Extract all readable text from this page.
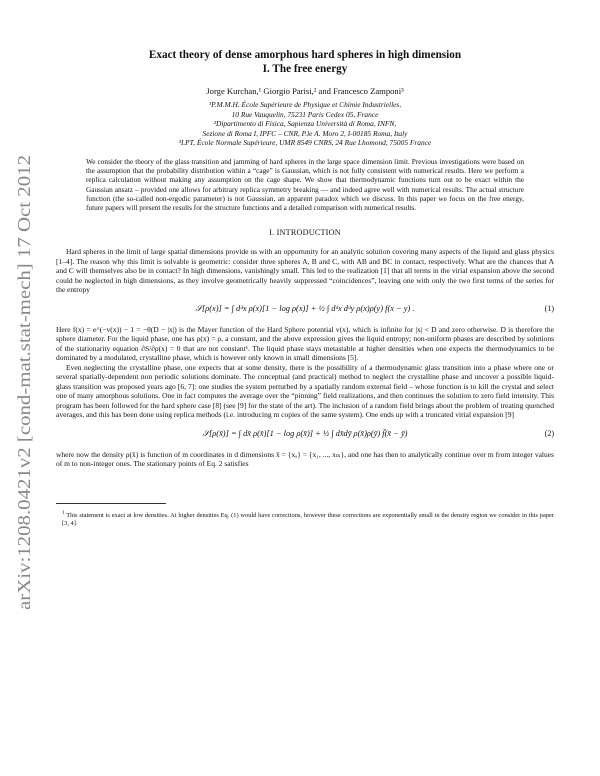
arXiv:1208.0421v2 [cond-mat.stat-mech] 17 Oct 2012
Exact theory of dense amorphous hard spheres in high dimension
I. The free energy
Jorge Kurchan,¹ Giorgio Parisi,² and Francesco Zamponi³
¹P.M.M.H. École Supérieure de Physique et Chimie Industrielles,
10 Rue Vauquelin, 75231 Paris Cedex 05, France
²Dipartimento di Fisica, Sapienza Università di Roma, INFN,
Sezione di Roma I, IPFC – CNR, P.le A. Moro 2, I-00185 Roma, Italy
³LPT, École Normale Supérieure, UMR 8549 CNRS, 24 Rue Lhomond, 75005 France

We consider the theory of the glass transition and jamming of hard spheres in the large space dimension limit. Previous investigations were based on the assumption that the probability distribution within a “cage” is Gaussian, which is not fully consistent with numerical results. Here we perform a replica calculation without making any assumption on the cage shape. We show that thermodynamic functions turn out to be exact within the Gaussian ansatz – provided one allows for arbitrary replica symmetry breaking — and indeed agree well with numerical results. The actual structure function (the so-called non-ergodic parameter) is not Gaussian, an apparent paradox which we discuss. In this paper we focus on the free energy, future papers will present the results for the structure functions and a detailed comparison with numerical results.

I. INTRODUCTION

Hard spheres in the limit of large spatial dimensions provide us with an opportunity for an analytic solution covering many aspects of the liquid and glass physics [1–4]. The reason why this limit is solvable is geometric: consider three spheres A, B and C, with AB and BC in contact, respectively. What are the chances that A and C will themselves also be in contact? In high dimensions, vanishingly small. This led to the realization [1] that all terms in the virial expansion above the second could be neglected in high dimensions, as they involve geometrically heavily suppressed “coincidences”, leaving one with only the two first terms of the series for the entropy

𝒮[ρ(x)] = ∫ dᵈx ρ(x)[1 − log ρ(x)] + ½ ∫ dᵈx dᵈy ρ(x)ρ(y) f(x − y) .	(1)

Here f(x) = e^(−v(x)) − 1 = −θ(D − |x|) is the Mayer function of the Hard Sphere potential v(x), which is infinite for |x| < D and zero otherwise. D is therefore the sphere diameter. For the liquid phase, one has ρ(x) = ρ, a constant, and the above expression gives the liquid entropy; non-uniform phases are described by solutions of the stationarity equation ∂S/∂ρ(x) = 0 that are not constant¹. The liquid phase stays metastable at higher densities when one expects the thermodynamics to be dominated by a modulated, crystalline phase, which is however only known in small dimensions [5].

Even neglecting the crystalline phase, one expects that at some density, there is the possibility of a thermodynamic glass transition into a phase where one or several spatially-dependent non periodic solutions dominate. The conceptual (and practical) method to neglect the crystalline phase and uncover a possible liquid-glass transition was proposed years ago [6, 7]: one studies the system perturbed by a spatially random external field – whose function is to kill the crystal and select one of many amorphous solutions. One in fact computes the average over the “pinning” field realizations, and then continues the solution to zero field intensity. This program has been followed for the hard sphere case [8] (see [9] for the state of the art). The inclusion of a random field brings about the problem of treating quenched averages, and this has been done using replica methods (i.e. introducing m copies of the same system). One ends up with a truncated virial expansion [9]

𝒮[ρ(x̄)] = ∫ dx̄ ρ(x̄)[1 − log ρ(x̄)] + ½ ∫ dx̄dȳ ρ(x̄)ρ(ȳ) f̄(x̄ − ȳ)	(2)

where now the density ρ(x̄) is function of m coordinates in d dimensions x̄ = {xₐ} = {x₁, ..., xₘ}, and one has then to analytically continue over m from integer values of m to non-integer ones. The stationary points of Eq. 2 satisfies

$^1$ This statement is exact at low densities. At higher densities Eq. (1) would have corrections, however these corrections are exponentially small in the density region we consider in this paper [3, 4].
